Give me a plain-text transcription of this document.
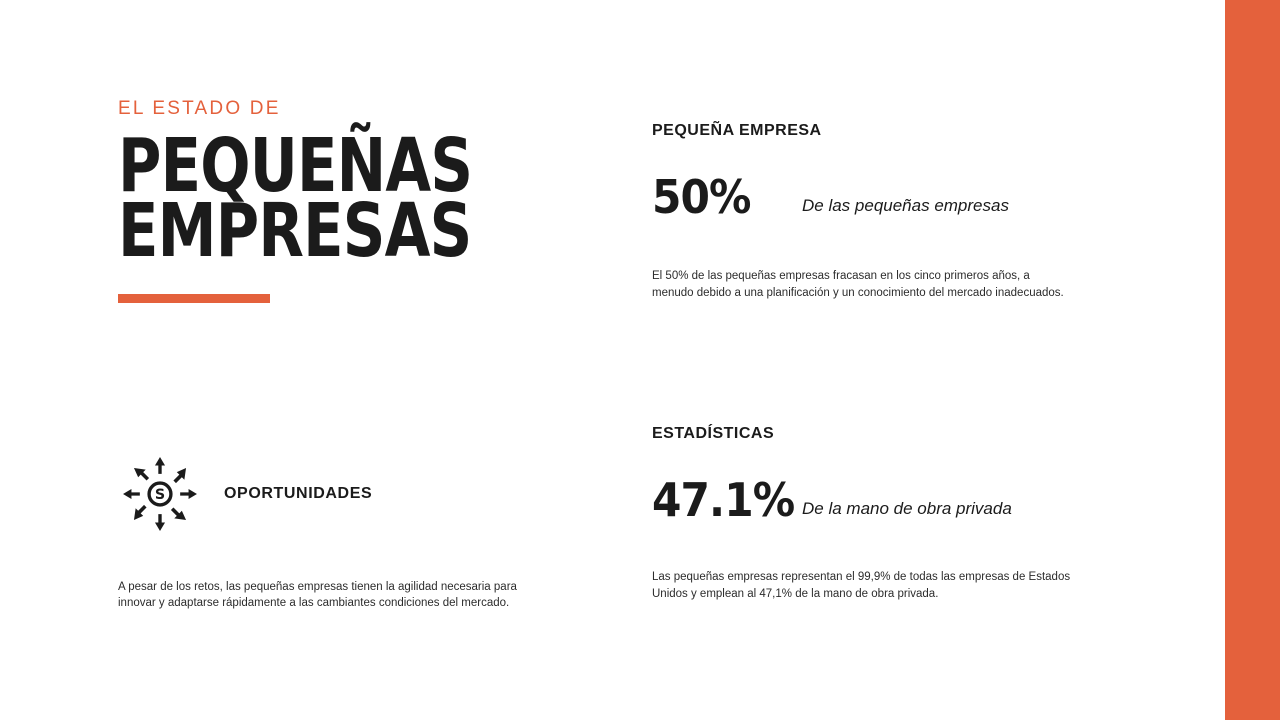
EL ESTADO DE
PEQUEÑAS
EMPRESAS
S	OPORTUNIDADES
A pesar de los retos, las pequeñas empresas tienen la agilidad necesaria para innovar y adaptarse rápidamente a las cambiantes condiciones del mercado.
PEQUEÑA EMPRESA
50%	De las pequeñas empresas
El 50% de las pequeñas empresas fracasan en los cinco primeros años, a menudo debido a una planificación y un conocimiento del mercado inadecuados.
ESTADÍSTICAS
47.1% De la mano de obra privada
Las pequeñas empresas representan el 99,9% de todas las empresas de Estados Unidos y emplean al 47,1% de la mano de obra privada.
